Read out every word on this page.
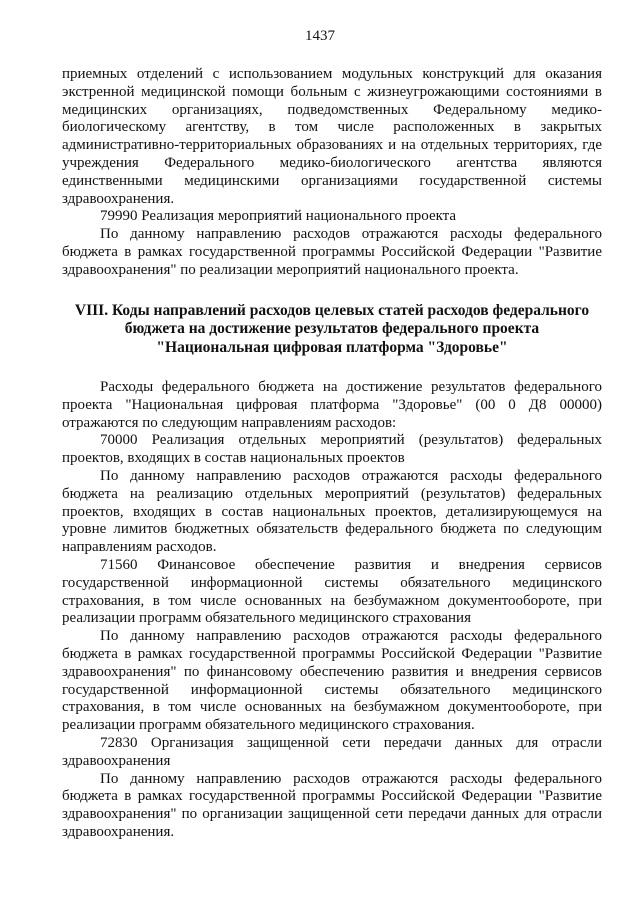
1437

приемных отделений с использованием модульных конструкций для оказания экстренной медицинской помощи больным с жизнеугрожающими состояниями в медицинских организациях, подведомственных Федеральному медико-биологическому агентству, в том числе расположенных в закрытых административно-территориальных образованиях и на отдельных территориях, где учреждения Федерального медико-биологического агентства являются единственными медицинскими организациями государственной системы здравоохранения.

79990 Реализация мероприятий национального проекта

По данному направлению расходов отражаются расходы федерального бюджета в рамках государственной программы Российской Федерации "Развитие здравоохранения" по реализации мероприятий национального проекта.

VIII. Коды направлений расходов целевых статей расходов федерального бюджета на достижение результатов федерального проекта "Национальная цифровая платформа "Здоровье"

Расходы федерального бюджета на достижение результатов федерального проекта "Национальная цифровая платформа "Здоровье" (00 0 Д8 00000) отражаются по следующим направлениям расходов:

70000 Реализация отдельных мероприятий (результатов) федеральных проектов, входящих в состав национальных проектов

По данному направлению расходов отражаются расходы федерального бюджета на реализацию отдельных мероприятий (результатов) федеральных проектов, входящих в состав национальных проектов, детализирующемуся на уровне лимитов бюджетных обязательств федерального бюджета по следующим направлениям расходов.

71560 Финансовое обеспечение развития и внедрения сервисов государственной информационной системы обязательного медицинского страхования, в том числе основанных на безбумажном документообороте, при реализации программ обязательного медицинского страхования

По данному направлению расходов отражаются расходы федерального бюджета в рамках государственной программы Российской Федерации "Развитие здравоохранения" по финансовому обеспечению развития и внедрения сервисов государственной информационной системы обязательного медицинского страхования, в том числе основанных на безбумажном документообороте, при реализации программ обязательного медицинского страхования.

72830 Организация защищенной сети передачи данных для отрасли здравоохранения

По данному направлению расходов отражаются расходы федерального бюджета в рамках государственной программы Российской Федерации "Развитие здравоохранения" по организации защищенной сети передачи данных для отрасли здравоохранения.
